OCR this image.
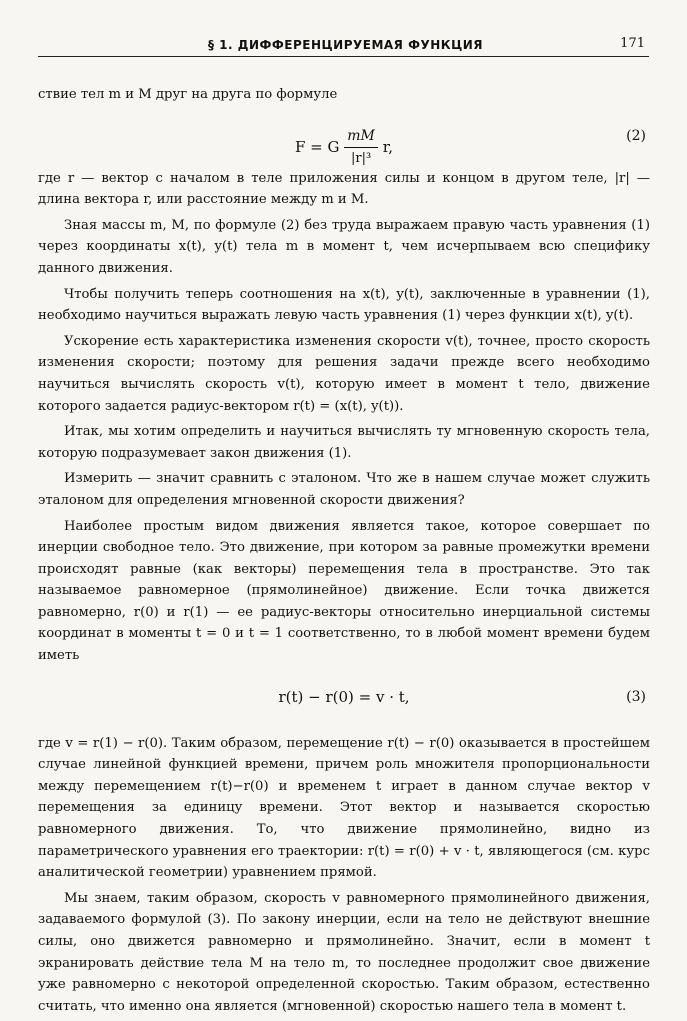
§ 1. ДИФФЕРЕНЦИРУЕМАЯ ФУНКЦИЯ	171

ствие тел m и M друг на друга по формуле

F = G $\frac{mM}{\text{|r|³}} r$,
(2)

где r — вектор с началом в теле приложения силы и концом в другом теле, |r| — длина вектора r, или расстояние между m и M.

Зная массы m, M, по формуле (2) без труда выражаем правую часть уравнения (1) через координаты x(t), y(t) тела m в момент t, чем исчерпываем всю специфику данного движения.

Чтобы получить теперь соотношения на x(t), y(t), заключенные в уравнении (1), необходимо научиться выражать левую часть уравнения (1) через функции x(t), y(t).

Ускорение есть характеристика изменения скорости v(t), точнее, просто скорость изменения скорости; поэтому для решения задачи прежде всего необходимо научиться вычислять скорость v(t), которую имеет в момент t тело, движение которого задается радиус-вектором r(t) = (x(t), y(t)).

Итак, мы хотим определить и научиться вычислять ту мгновенную скорость тела, которую подразумевает закон движения (1).

Измерить — значит сравнить с эталоном. Что же в нашем случае может служить эталоном для определения мгновенной скорости движения?

Наиболее простым видом движения является такое, которое совершает по инерции свободное тело. Это движение, при котором за равные промежутки времени происходят равные (как векторы) перемещения тела в пространстве. Это так называемое равномерное (прямолинейное) движение. Если точка движется равномерно, r(0) и r(1) — ее радиус-векторы относительно инерциальной системы координат в моменты t = 0 и t = 1 соответственно, то в любой момент времени будем иметь

r(t) − r(0) = v · t,	(3)

где v = r(1) − r(0). Таким образом, перемещение r(t) − r(0) оказывается в простейшем случае линейной функцией времени, причем роль множителя пропорциональности между перемещением r(t)−r(0) и временем t играет в данном случае вектор v перемещения за единицу времени. Этот вектор и называется скоростью равномерного движения. То, что движение прямолинейно, видно из параметрического уравнения его траектории: r(t) = r(0) + v · t, являющегося (см. курс аналитической геометрии) уравнением прямой.

Мы знаем, таким образом, скорость v равномерного прямолинейного движения, задаваемого формулой (3). По закону инерции, если на тело не действуют внешние силы, оно движется равномерно и прямолинейно. Значит, если в момент t экранировать действие тела M на тело m, то последнее продолжит свое движение уже равномерно с некоторой определенной скоростью. Таким образом, естественно считать, что именно она является (мгновенной) скоростью нашего тела в момент t.
